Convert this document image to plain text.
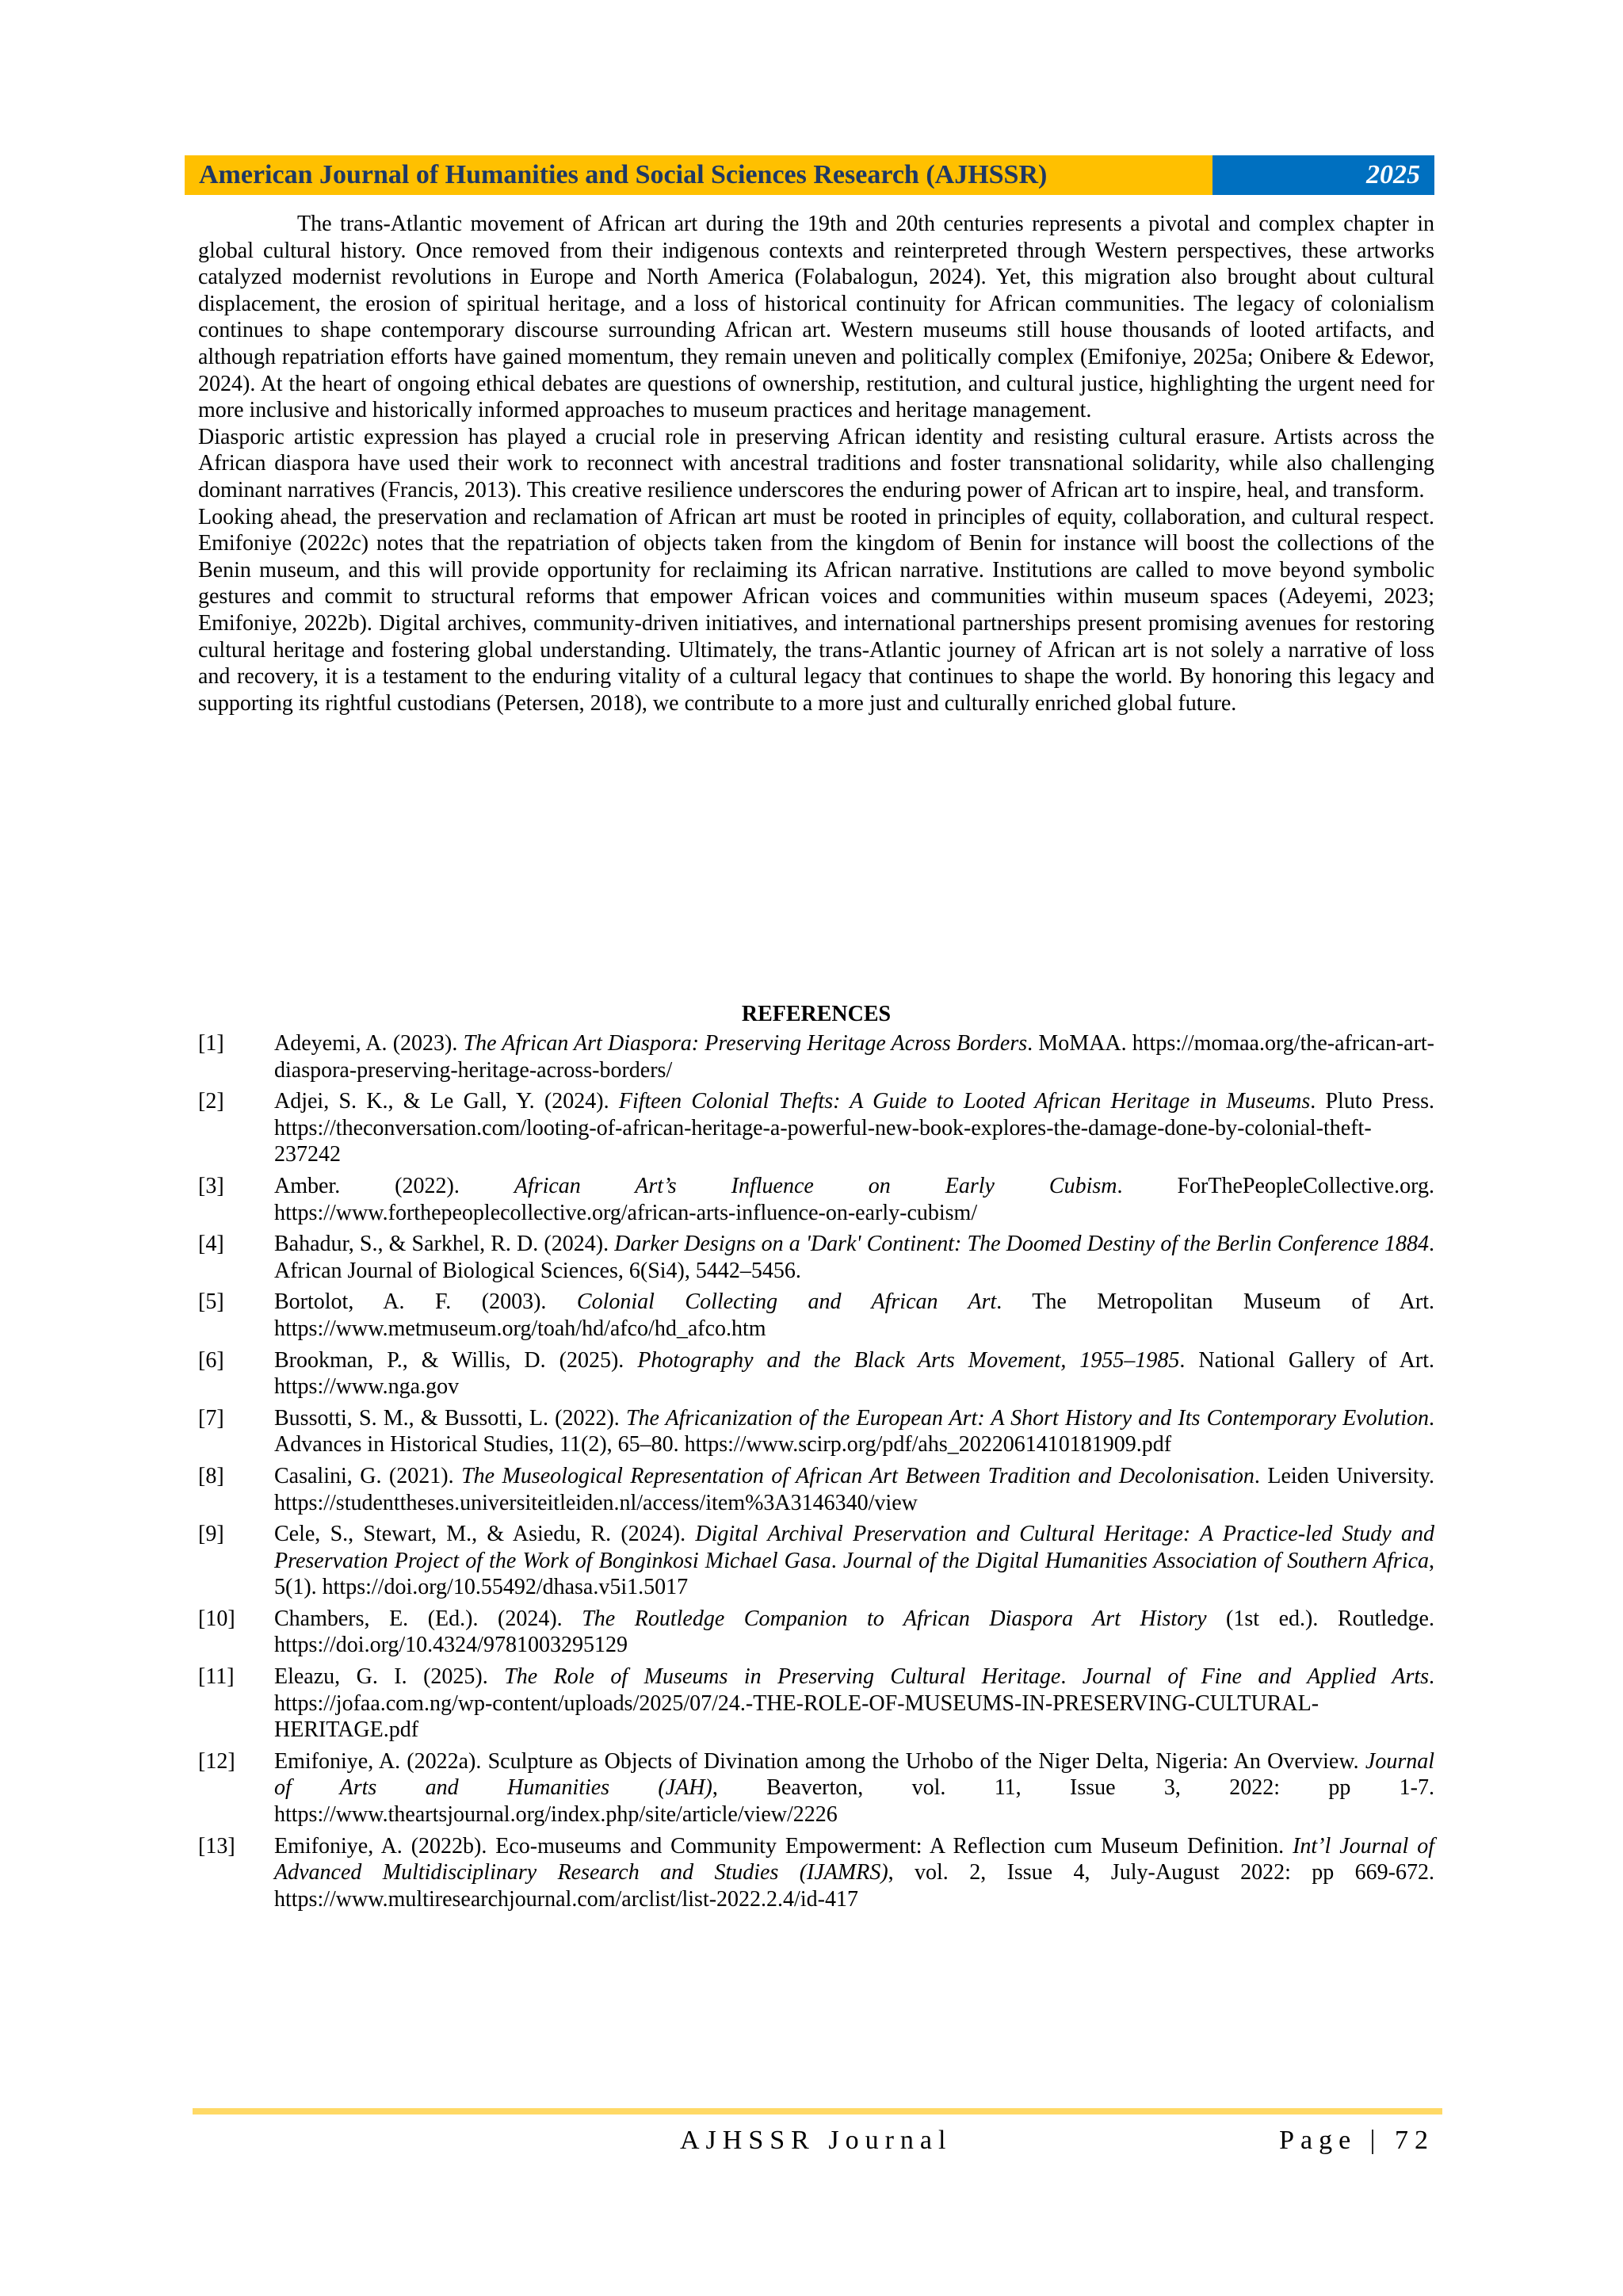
American Journal of Humanities and Social Sciences Research (AJHSSR)	2025

The trans-Atlantic movement of African art during the 19th and 20th centuries represents a pivotal and complex chapter in global cultural history. Once removed from their indigenous contexts and reinterpreted through Western perspectives, these artworks catalyzed modernist revolutions in Europe and North America (Folabalogun, 2024). Yet, this migration also brought about cultural displacement, the erosion of spiritual heritage, and a loss of historical continuity for African communities. The legacy of colonialism continues to shape contemporary discourse surrounding African art. Western museums still house thousands of looted artifacts, and although repatriation efforts have gained momentum, they remain uneven and politically complex (Emifoniye, 2025a; Onibere & Edewor, 2024). At the heart of ongoing ethical debates are questions of ownership, restitution, and cultural justice, highlighting the urgent need for more inclusive and historically informed approaches to museum practices and heritage management.

Diasporic artistic expression has played a crucial role in preserving African identity and resisting cultural erasure. Artists across the African diaspora have used their work to reconnect with ancestral traditions and foster transnational solidarity, while also challenging dominant narratives (Francis, 2013). This creative resilience underscores the enduring power of African art to inspire, heal, and transform.

Looking ahead, the preservation and reclamation of African art must be rooted in principles of equity, collaboration, and cultural respect. Emifoniye (2022c) notes that the repatriation of objects taken from the kingdom of Benin for instance will boost the collections of the Benin museum, and this will provide opportunity for reclaiming its African narrative. Institutions are called to move beyond symbolic gestures and commit to structural reforms that empower African voices and communities within museum spaces (Adeyemi, 2023; Emifoniye, 2022b). Digital archives, community-driven initiatives, and international partnerships present promising avenues for restoring cultural heritage and fostering global understanding. Ultimately, the trans-Atlantic journey of African art is not solely a narrative of loss and recovery, it is a testament to the enduring vitality of a cultural legacy that continues to shape the world. By honoring this legacy and supporting its rightful custodians (Petersen, 2018), we contribute to a more just and culturally enriched global future.

REFERENCES
[1]	Adeyemi, A. (2023). The African Art Diaspora: Preserving Heritage Across Borders. MoMAA. https://momaa.org/the-african-art-diaspora-preserving-heritage-across-borders/
[2]	Adjei, S. K., & Le Gall, Y. (2024). Fifteen Colonial Thefts: A Guide to Looted African Heritage in Museums. Pluto Press. https://theconversation.com/looting-of-african-heritage-a-powerful-new-book-explores-the-damage-done-by-colonial-theft-237242
[3]	Amber. (2022). African Art’s Influence on Early Cubism. ForThePeopleCollective.org. https://www.forthepeoplecollective.org/african-arts-influence-on-early-cubism/
[4]	Bahadur, S., & Sarkhel, R. D. (2024). Darker Designs on a 'Dark' Continent: The Doomed Destiny of the Berlin Conference 1884. African Journal of Biological Sciences, 6(Si4), 5442–5456.
[5]	Bortolot, A. F. (2003). Colonial Collecting and African Art. The Metropolitan Museum of Art. https://www.metmuseum.org/toah/hd/afco/hd_afco.htm
[6]	Brookman, P., & Willis, D. (2025). Photography and the Black Arts Movement, 1955–1985. National Gallery of Art. https://www.nga.gov
[7]	Bussotti, S. M., & Bussotti, L. (2022). The Africanization of the European Art: A Short History and Its Contemporary Evolution. Advances in Historical Studies, 11(2), 65–80. https://www.scirp.org/pdf/ahs_2022061410181909.pdf
[8]	Casalini, G. (2021). The Museological Representation of African Art Between Tradition and Decolonisation. Leiden University. https://studenttheses.universiteitleiden.nl/access/item%3A3146340/view
[9]	Cele, S., Stewart, M., & Asiedu, R. (2024). Digital Archival Preservation and Cultural Heritage: A Practice-led Study and Preservation Project of the Work of Bonginkosi Michael Gasa. Journal of the Digital Humanities Association of Southern Africa, 5(1). https://doi.org/10.55492/dhasa.v5i1.5017
[10]	Chambers, E. (Ed.). (2024). The Routledge Companion to African Diaspora Art History (1st ed.). Routledge. https://doi.org/10.4324/9781003295129
[11]	Eleazu, G. I. (2025). The Role of Museums in Preserving Cultural Heritage. Journal of Fine and Applied Arts. https://jofaa.com.ng/wp-content/uploads/2025/07/24.-THE-ROLE-OF-MUSEUMS-IN-PRESERVING-CULTURAL-HERITAGE.pdf
[12]	Emifoniye, A. (2022a). Sculpture as Objects of Divination among the Urhobo of the Niger Delta, Nigeria: An Overview. Journal of Arts and Humanities (JAH), Beaverton, vol. 11, Issue 3, 2022: pp 1-7. https://www.theartsjournal.org/index.php/site/article/view/2226
[13]	Emifoniye, A. (2022b). Eco-museums and Community Empowerment: A Reflection cum Museum Definition. Int’l Journal of Advanced Multidisciplinary Research and Studies (IJAMRS), vol. 2, Issue 4, July-August 2022: pp 669-672. https://www.multiresearchjournal.com/arclist/list-2022.2.4/id-417
AJHSSR Journal	Page | 72
